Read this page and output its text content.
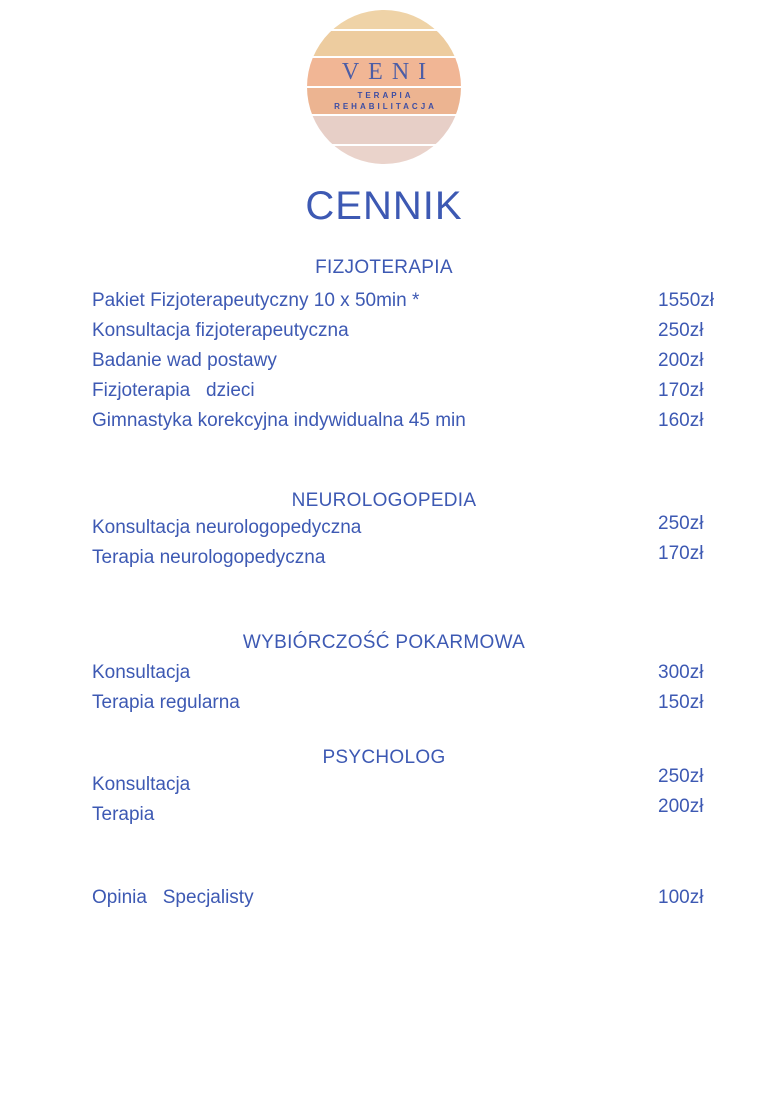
VENI
TERAPIA
REHABILITACJA
CENNIK
FIZJOTERAPIA
Pakiet Fizjoterapeutyczny 10 x 50min *	1550zł
Konsultacja fizjoterapeutyczna	250zł
Badanie wad postawy	200zł
Fizjoterapia   dzieci	170zł
Gimnastyka korekcyjna indywidualna 45 min	160zł
NEUROLOGOPEDIA
Konsultacja neurologopedyczna	250zł
Terapia neurologopedyczna	170zł
WYBIÓRCZOŚĆ POKARMOWA
Konsultacja	300zł
Terapia regularna	150zł
PSYCHOLOG
Konsultacja	250zł
Terapia	200zł
Opinia   Specjalisty	100zł
